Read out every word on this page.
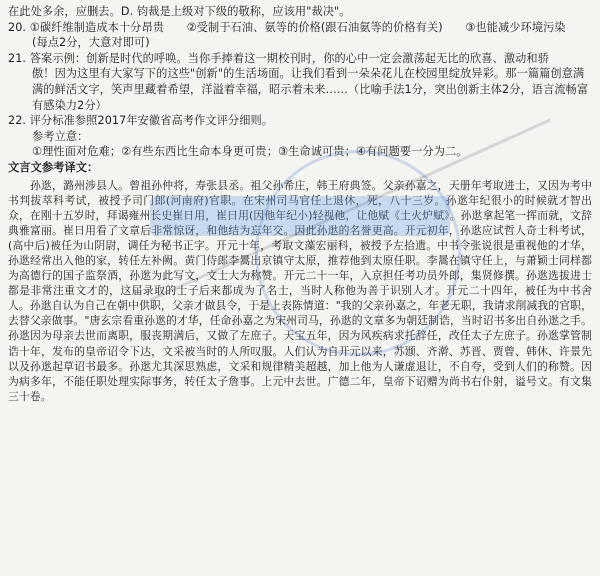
在此处多余，应删去。D. 钧裁是上级对下级的敬称，应该用"裁决"。
20. ①碳纤维制造成本十分昂贵　　②受制于石油、氨等的价格(跟石油氨等的价格有关)　　③也能减少环境污染
(每点2分，大意对即可)
21. 答案示例：创新是时代的呼唤。当你手捧着这一期校刊时，你的心中一定会激荡起无比的欣喜、激动和骄
傲！因为这里有大家写下的这些"创新"的生活场面。让我们看到一朵朵花儿在校园里绽放异彩。那一篇篇创意满
满的鲜活文字，笑声里藏着希望，洋溢着幸福，昭示着未来……（比喻手法1分，突出创新主体2分，语言流畅富
有感染力2分）
22. 评分标准参照2017年安徽省高考作文评分细则。
参考立意：
①理性面对危难；②有些东西比生命本身更可贵；③生命诚可贵；④有问题要一分为二。
文言文参考译文：
孙逖，潞州涉县人。曾祖孙仲将，寿张县丞。祖父孙希庄，韩王府典签。父亲孙嘉之，天册年考取进士，又因为考中书判拔萃科考试，被授予司门郎(河南府)官职。在宋州司马官任上退休，死，八十三岁。孙逖年纪很小的时候就才智出众，在刚十五岁时，拜谒雍州长史崔日用，崔日用(因他年纪小)轻视他，让他赋《土火炉赋》。孙逖拿起笔一挥而就，文辞典雅富丽。崔日用看了文章后非常惊讶，和他结为忘年交。因此孙逖的名誉更高。开元初年，孙逖应试哲人奇士科考试，(高中后)被任为山阴尉，调任为秘书正字。开元十年，考取文藻宏丽科，被授予左拾遗。中书令张说很是重视他的才华，孙逖经常出入他的家，转任左补阙。黄门侍郎李暠出京镇守太原，推荐他到太原任职。李暠在镇守任上，与萧颖士同样都为高德行的国子监祭酒，孙逖为此写文，文士大为称赞。开元二十一年，入京担任考功员外郎，集贤修撰。孙逖选拔进士都是非常注重文才的，这届录取的士子后来都成为了名士，当时人称他为善于识别人才。开元二十四年，被任为中书舍人。孙逖自认为自己在朝中供职，父亲才做县令，于是上表陈情道："我的父亲孙嘉之，年老无职，我请求削减我的官职，去替父亲做事。"唐玄宗看重孙逖的才华，任命孙嘉之为宋州司马，孙逖的文章多为朝廷制诰，当时诏书多出自孙逖之手。孙逖因为母亲去世而离职，服丧期满后，又做了左庶子。天宝五年，因为风疾病求托辞任，改任太子左庶子。孙逖掌管制诰十年，发布的皇帝诏令下达，文采被当时的人所叹服。人们认为自开元以来，苏颋、齐澣、苏晋、贾曾、韩休、许景先以及孙逖起草诏书最多。孙逖尤其深思熟虑，文采和规律精美超越，加上他为人谦虚退让，不自夸，受到人们的称赞。因为病多年，不能任职处理实际事务，转任太子詹事。上元中去世。广德二年，皇帝下诏赠为尚书右仆射，谥号文。有文集三十卷。
